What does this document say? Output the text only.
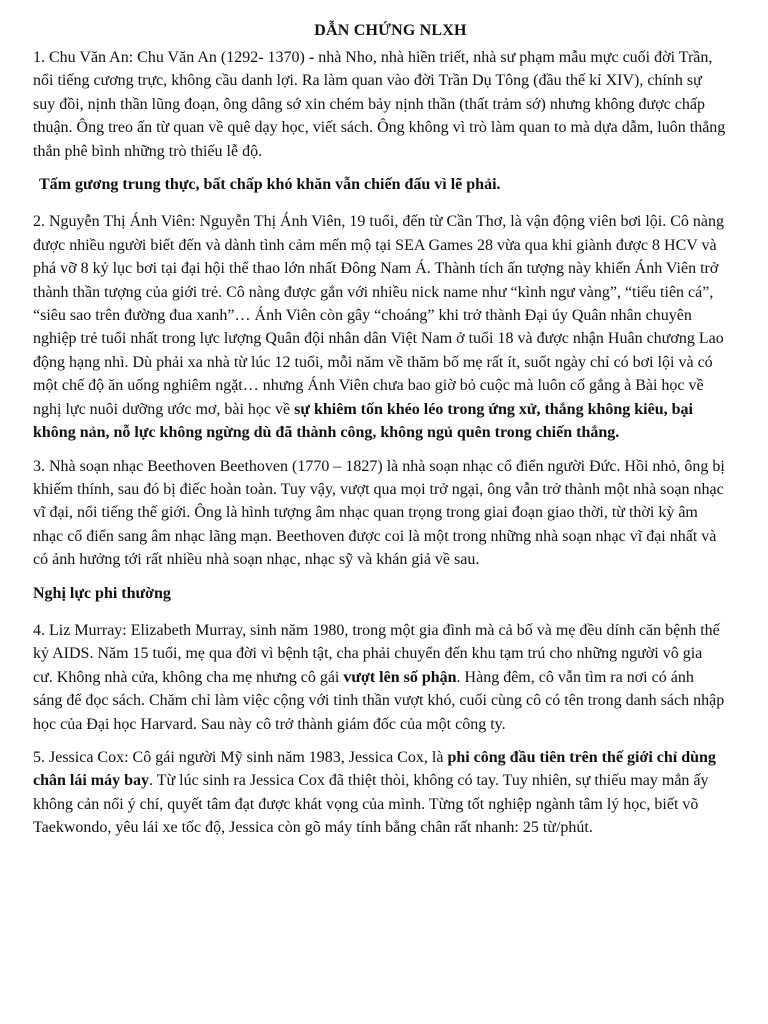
DẪN CHỨNG NLXH

1. Chu Văn An: Chu Văn An (1292- 1370) - nhà Nho, nhà hiền triết, nhà sư phạm mẫu mực cuối đời Trần, nổi tiếng cương trực, không cầu danh lợi. Ra làm quan vào đời Trần Dụ Tông (đầu thế kỉ XIV), chính sự suy đồi, nịnh thần lũng đoạn, ông dâng sớ xin chém bảy nịnh thần (thất trảm sớ) nhưng không được chấp thuận. Ông treo ấn từ quan về quê dạy học, viết sách. Ông không vì trò làm quan to mà dựa dẫm, luôn thẳng thắn phê bình những trò thiếu lễ độ.

Tấm gương trung thực, bất chấp khó khăn vẫn chiến đấu vì lẽ phải.

2. Nguyễn Thị Ánh Viên: Nguyễn Thị Ánh Viên, 19 tuổi, đến từ Cần Thơ, là vận động viên bơi lội. Cô nàng được nhiều người biết đến và dành tình cảm mến mộ tại SEA Games 28 vừa qua khi giành được 8 HCV và phá vỡ 8 kỷ lục bơi tại đại hội thể thao lớn nhất Đông Nam Á. Thành tích ấn tượng này khiến Ánh Viên trở thành thần tượng của giới trẻ. Cô nàng được gắn với nhiều nick name như “kình ngư vàng”, “tiểu tiên cá”, “siêu sao trên đường đua xanh”… Ánh Viên còn gây “choáng” khi trở thành Đại úy Quân nhân chuyên nghiệp trẻ tuổi nhất trong lực lượng Quân đội nhân dân Việt Nam ở tuổi 18 và được nhận Huân chương Lao động hạng nhì. Dù phải xa nhà từ lúc 12 tuổi, mỗi năm về thăm bố mẹ rất ít, suốt ngày chỉ có bơi lội và có một chế độ ăn uống nghiêm ngặt… nhưng Ánh Viên chưa bao giờ bỏ cuộc mà luôn cố gắng à Bài học về nghị lực nuôi dưỡng ước mơ, bài học về sự khiêm tốn khéo léo trong ứng xử, thắng không kiêu, bại không nản, nỗ lực không ngừng dù đã thành công, không ngủ quên trong chiến thắng.

3. Nhà soạn nhạc Beethoven Beethoven (1770 – 1827) là nhà soạn nhạc cổ điển người Đức. Hồi nhỏ, ông bị khiếm thính, sau đó bị điếc hoàn toàn. Tuy vậy, vượt qua mọi trở ngại, ông vẫn trở thành một nhà soạn nhạc vĩ đại, nổi tiếng thế giới. Ông là hình tượng âm nhạc quan trọng trong giai đoạn giao thời, từ thời kỳ âm nhạc cổ điển sang âm nhạc lãng mạn. Beethoven được coi là một trong những nhà soạn nhạc vĩ đại nhất và có ảnh hưởng tới rất nhiều nhà soạn nhạc, nhạc sỹ và khán giả về sau.

Nghị lực phi thường

4. Liz Murray: Elizabeth Murray, sinh năm 1980, trong một gia đình mà cả bố và mẹ đều dính căn bệnh thế kỷ AIDS. Năm 15 tuổi, mẹ qua đời vì bệnh tật, cha phải chuyển đến khu tạm trú cho những người vô gia cư. Không nhà cửa, không cha mẹ nhưng cô gái vượt lên số phận. Hàng đêm, cô vẫn tìm ra nơi có ánh sáng để đọc sách. Chăm chỉ làm việc cộng với tinh thần vượt khó, cuối cùng cô có tên trong danh sách nhập học của Đại học Harvard. Sau này cô trở thành giám đốc của một công ty.

5. Jessica Cox: Cô gái người Mỹ sinh năm 1983, Jessica Cox, là phi công đầu tiên trên thế giới chỉ dùng chân lái máy bay. Từ lúc sinh ra Jessica Cox đã thiệt thòi, không có tay. Tuy nhiên, sự thiếu may mắn ấy không cản nổi ý chí, quyết tâm đạt được khát vọng của mình. Từng tốt nghiệp ngành tâm lý học, biết võ Taekwondo, yêu lái xe tốc độ, Jessica còn gõ máy tính bằng chân rất nhanh: 25 từ/phút.
